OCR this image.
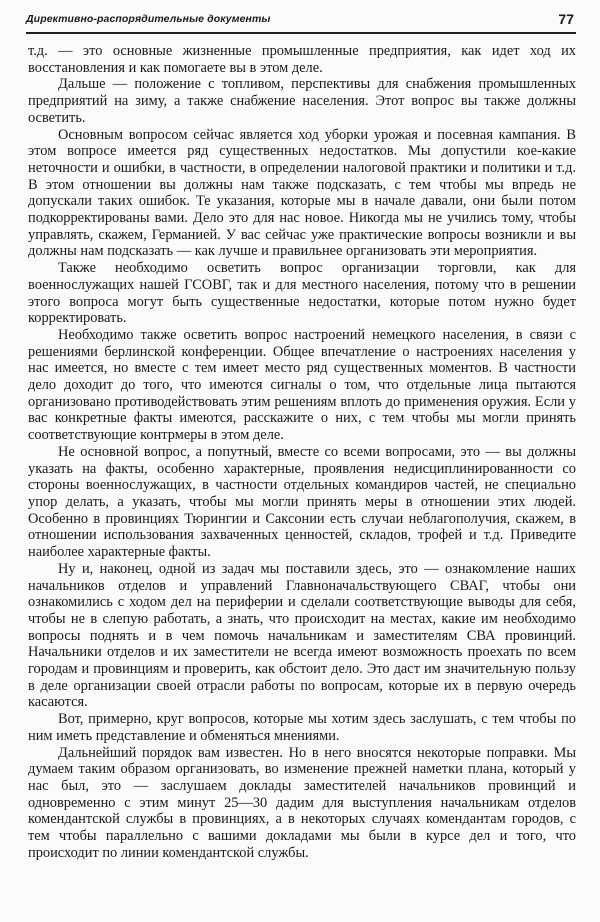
Директивно-распорядительные документы	77

т.д. — это основные жизненные промышленные предприятия, как идет ход их восстановления и как помогаете вы в этом деле.

Дальше — положение с топливом, перспективы для снабжения промышленных предприятий на зиму, а также снабжение населения. Этот вопрос вы также должны осветить.

Основным вопросом сейчас является ход уборки урожая и посевная кампания. В этом вопросе имеется ряд существенных недостатков. Мы допустили кое-какие неточности и ошибки, в частности, в определении налоговой практики и политики и т.д. В этом отношении вы должны нам также подсказать, с тем чтобы мы впредь не допускали таких ошибок. Те указания, которые мы в начале давали, они были потом подкорректированы вами. Дело это для нас новое. Никогда мы не учились тому, чтобы управлять, скажем, Германией. У вас сейчас уже практические вопросы возникли и вы должны нам подсказать — как лучше и правильнее организовать эти мероприятия.

Также необходимо осветить вопрос организации торговли, как для военнослужащих нашей ГСОВГ, так и для местного населения, потому что в решении этого вопроса могут быть существенные недостатки, которые потом нужно будет корректировать.

Необходимо также осветить вопрос настроений немецкого населения, в связи с решениями берлинской конференции. Общее впечатление о настроениях населения у нас имеется, но вместе с тем имеет место ряд существенных моментов. В частности дело доходит до того, что имеются сигналы о том, что отдельные лица пытаются организовано противодействовать этим решениям вплоть до применения оружия. Если у вас конкретные факты имеются, расскажите о них, с тем чтобы мы могли принять соответствующие контрмеры в этом деле.

Не основной вопрос, а попутный, вместе со всеми вопросами, это — вы должны указать на факты, особенно характерные, проявления недисциплинированности со стороны военнослужащих, в частности отдельных командиров частей, не специально упор делать, а указать, чтобы мы могли принять меры в отношении этих людей. Особенно в провинциях Тюрингии и Саксонии есть случаи неблагополучия, скажем, в отношении использования захваченных ценностей, складов, трофей и т.д. Приведите наиболее характерные факты.

Ну и, наконец, одной из задач мы поставили здесь, это — ознакомление наших начальников отделов и управлений Главноначальствующего СВАГ, чтобы они ознакомились с ходом дел на периферии и сделали соответствующие выводы для себя, чтобы не в слепую работать, а знать, что происходит на местах, какие им необходимо вопросы поднять и в чем помочь начальникам и заместителям СВА провинций. Начальники отделов и их заместители не всегда имеют возможность проехать по всем городам и провинциям и проверить, как обстоит дело. Это даст им значительную пользу в деле организации своей отрасли работы по вопросам, которые их в первую очередь касаются.

Вот, примерно, круг вопросов, которые мы хотим здесь заслушать, с тем чтобы по ним иметь представление и обменяться мнениями.

Дальнейший порядок вам известен. Но в него вносятся некоторые поправки. Мы думаем таким образом организовать, во изменение прежней наметки плана, который у нас был, это — заслушаем доклады заместителей начальников провинций и одновременно с этим минут 25—30 дадим для выступления начальникам отделов комендантской службы в провинциях, а в некоторых случаях комендантам городов, с тем чтобы параллельно с вашими докладами мы были в курсе дел и того, что происходит по линии комендантской службы.
